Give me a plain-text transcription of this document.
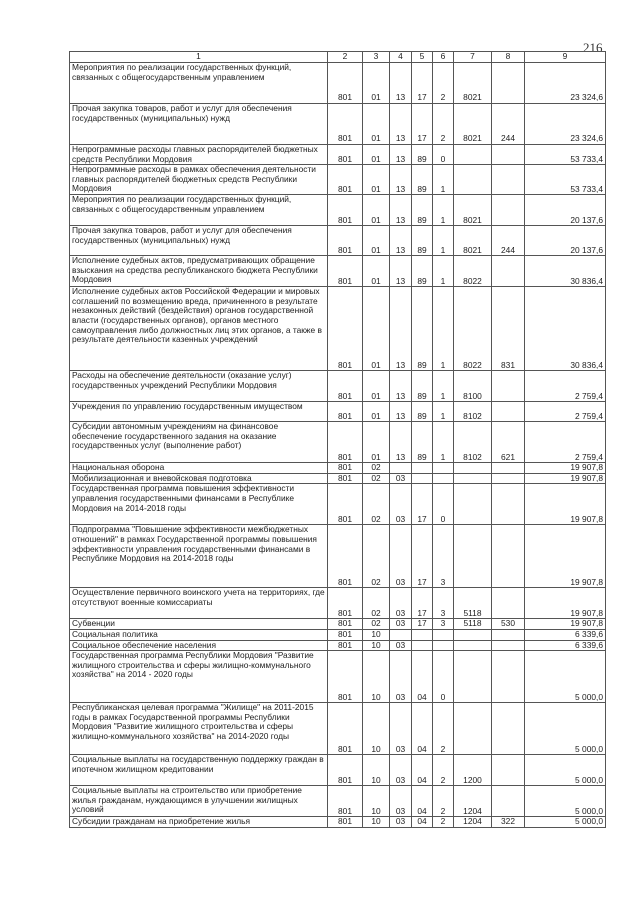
216
1	2	3	4	5	6	7	8	9
Мероприятия по реализации государственных функций, связанных с общегосударственным управлением	801	01	13	17	2	8021		23 324,6
Прочая закупка товаров, работ и услуг для обеспечения государственных (муниципальных) нужд	801	01	13	17	2	8021	244	23 324,6
Непрограммные расходы главных распорядителей бюджетных средств Республики Мордовия	801	01	13	89	0			53 733,4
Непрограммные расходы в рамках обеспечения деятельности главных распорядителей бюджетных средств Республики Мордовия	801	01	13	89	1			53 733,4
Мероприятия по реализации государственных функций, связанных с общегосударственным управлением	801	01	13	89	1	8021		20 137,6
Прочая закупка товаров, работ и услуг для обеспечения государственных (муниципальных) нужд	801	01	13	89	1	8021	244	20 137,6
Исполнение судебных актов, предусматривающих обращение взыскания на средства республиканского бюджета Республики Мордовия	801	01	13	89	1	8022		30 836,4
Исполнение судебных актов Российской Федерации и мировых соглашений по возмещению вреда, причиненного в результате незаконных действий (бездействия) органов государственной власти (государственных органов), органов местного самоуправления либо должностных лиц этих органов, а также в результате деятельности казенных учреждений	801	01	13	89	1	8022	831	30 836,4
Расходы на обеспечение деятельности (оказание услуг) государственных учреждений Республики Мордовия	801	01	13	89	1	8100		2 759,4
Учреждения по управлению государственным имуществом	801	01	13	89	1	8102		2 759,4
Субсидии автономным учреждениям на финансовое обеспечение государственного задания на оказание государственных услуг (выполнение работ)	801	01	13	89	1	8102	621	2 759,4
Национальная оборона	801	02						19 907,8
Мобилизационная и вневойсковая подготовка	801	02	03					19 907,8
Государственная программа повышения эффективности управления государственными финансами в Республике Мордовия на 2014-2018 годы	801	02	03	17	0			19 907,8
Подпрограмма "Повышение эффективности межбюджетных отношений" в рамках Государственной программы повышения эффективности управления государственными финансами в Республике Мордовия на 2014-2018 годы	801	02	03	17	3			19 907,8
Осуществление первичного воинского учета на территориях, где отсутствуют военные комиссариаты	801	02	03	17	3	5118		19 907,8
Субвенции	801	02	03	17	3	5118	530	19 907,8
Социальная политика	801	10						6 339,6
Социальное обеспечение населения	801	10	03					6 339,6
Государственная программа Республики Мордовия "Развитие жилищного строительства и сферы жилищно-коммунального хозяйства" на 2014 - 2020 годы	801	10	03	04	0			5 000,0
Республиканская целевая программа "Жилище" на 2011-2015 годы в рамках Государственной программы Республики Мордовия "Развитие жилищного строительства и сферы жилищно-коммунального хозяйства" на 2014-2020 годы	801	10	03	04	2			5 000,0
Социальные выплаты на государственную поддержку граждан в ипотечном жилищном кредитовании	801	10	03	04	2	1200		5 000,0
Социальные выплаты на строительство или приобретение жилья гражданам, нуждающимся в улучшении жилищных условий	801	10	03	04	2	1204		5 000,0
Субсидии гражданам на приобретение жилья	801	10	03	04	2	1204	322	5 000,0
